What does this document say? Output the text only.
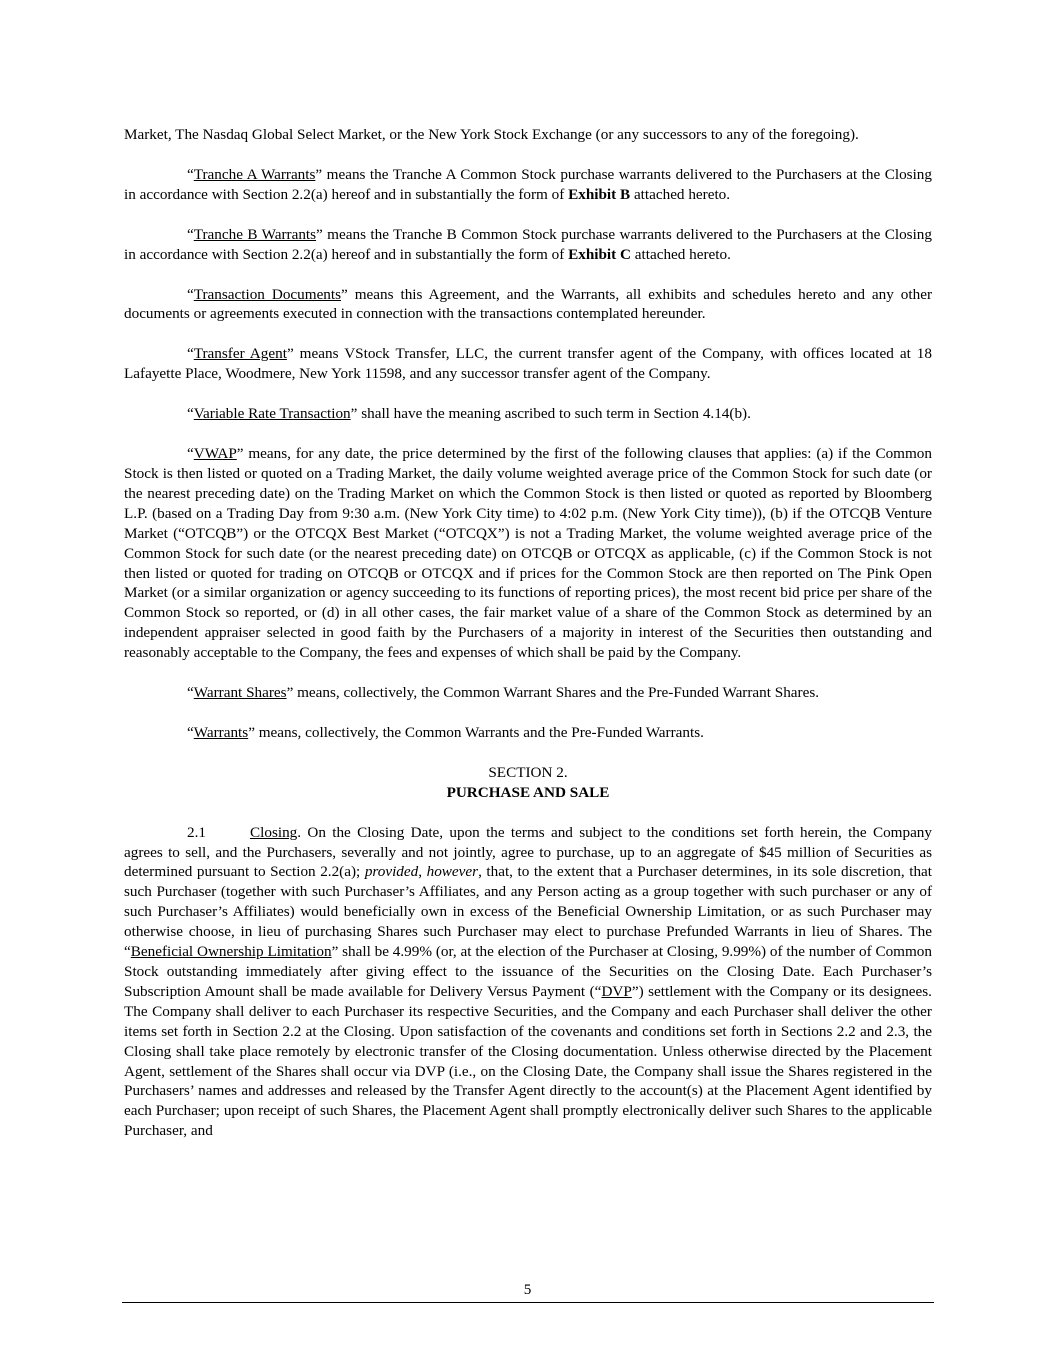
Market, The Nasdaq Global Select Market, or the New York Stock Exchange (or any successors to any of the foregoing).

“Tranche A Warrants” means the Tranche A Common Stock purchase warrants delivered to the Purchasers at the Closing in accordance with Section 2.2(a) hereof and in substantially the form of Exhibit B attached hereto.

“Tranche B Warrants” means the Tranche B Common Stock purchase warrants delivered to the Purchasers at the Closing in accordance with Section 2.2(a) hereof and in substantially the form of Exhibit C attached hereto.

“Transaction Documents” means this Agreement, and the Warrants, all exhibits and schedules hereto and any other documents or agreements executed in connection with the transactions contemplated hereunder.

“Transfer Agent” means VStock Transfer, LLC, the current transfer agent of the Company, with offices located at 18 Lafayette Place, Woodmere, New York 11598, and any successor transfer agent of the Company.

“Variable Rate Transaction” shall have the meaning ascribed to such term in Section 4.14(b).

“VWAP” means, for any date, the price determined by the first of the following clauses that applies: (a) if the Common Stock is then listed or quoted on a Trading Market, the daily volume weighted average price of the Common Stock for such date (or the nearest preceding date) on the Trading Market on which the Common Stock is then listed or quoted as reported by Bloomberg L.P. (based on a Trading Day from 9:30 a.m. (New York City time) to 4:02 p.m. (New York City time)), (b) if the OTCQB Venture Market (“OTCQB”) or the OTCQX Best Market (“OTCQX”) is not a Trading Market, the volume weighted average price of the Common Stock for such date (or the nearest preceding date) on OTCQB or OTCQX as applicable, (c) if the Common Stock is not then listed or quoted for trading on OTCQB or OTCQX and if prices for the Common Stock are then reported on The Pink Open Market (or a similar organization or agency succeeding to its functions of reporting prices), the most recent bid price per share of the Common Stock so reported, or (d) in all other cases, the fair market value of a share of the Common Stock as determined by an independent appraiser selected in good faith by the Purchasers of a majority in interest of the Securities then outstanding and reasonably acceptable to the Company, the fees and expenses of which shall be paid by the Company.

“Warrant Shares” means, collectively, the Common Warrant Shares and the Pre-Funded Warrant Shares.

“Warrants” means, collectively, the Common Warrants and the Pre-Funded Warrants.

SECTION 2.
PURCHASE AND SALE

2.1	Closing. On the Closing Date, upon the terms and subject to the conditions set forth herein, the Company agrees to sell, and the Purchasers, severally and not jointly, agree to purchase, up to an aggregate of $45 million of Securities as determined pursuant to Section 2.2(a); provided, however, that, to the extent that a Purchaser determines, in its sole discretion, that such Purchaser (together with such Purchaser’s Affiliates, and any Person acting as a group together with such purchaser or any of such Purchaser’s Affiliates) would beneficially own in excess of the Beneficial Ownership Limitation, or as such Purchaser may otherwise choose, in lieu of purchasing Shares such Purchaser may elect to purchase Prefunded Warrants in lieu of Shares. The “Beneficial Ownership Limitation” shall be 4.99% (or, at the election of the Purchaser at Closing, 9.99%) of the number of Common Stock outstanding immediately after giving effect to the issuance of the Securities on the Closing Date. Each Purchaser’s Subscription Amount shall be made available for Delivery Versus Payment (“DVP”) settlement with the Company or its designees. The Company shall deliver to each Purchaser its respective Securities, and the Company and each Purchaser shall deliver the other items set forth in Section 2.2 at the Closing. Upon satisfaction of the covenants and conditions set forth in Sections 2.2 and 2.3, the Closing shall take place remotely by electronic transfer of the Closing documentation. Unless otherwise directed by the Placement Agent, settlement of the Shares shall occur via DVP (i.e., on the Closing Date, the Company shall issue the Shares registered in the Purchasers’ names and addresses and released by the Transfer Agent directly to the account(s) at the Placement Agent identified by each Purchaser; upon receipt of such Shares, the Placement Agent shall promptly electronically deliver such Shares to the applicable Purchaser, and

5
